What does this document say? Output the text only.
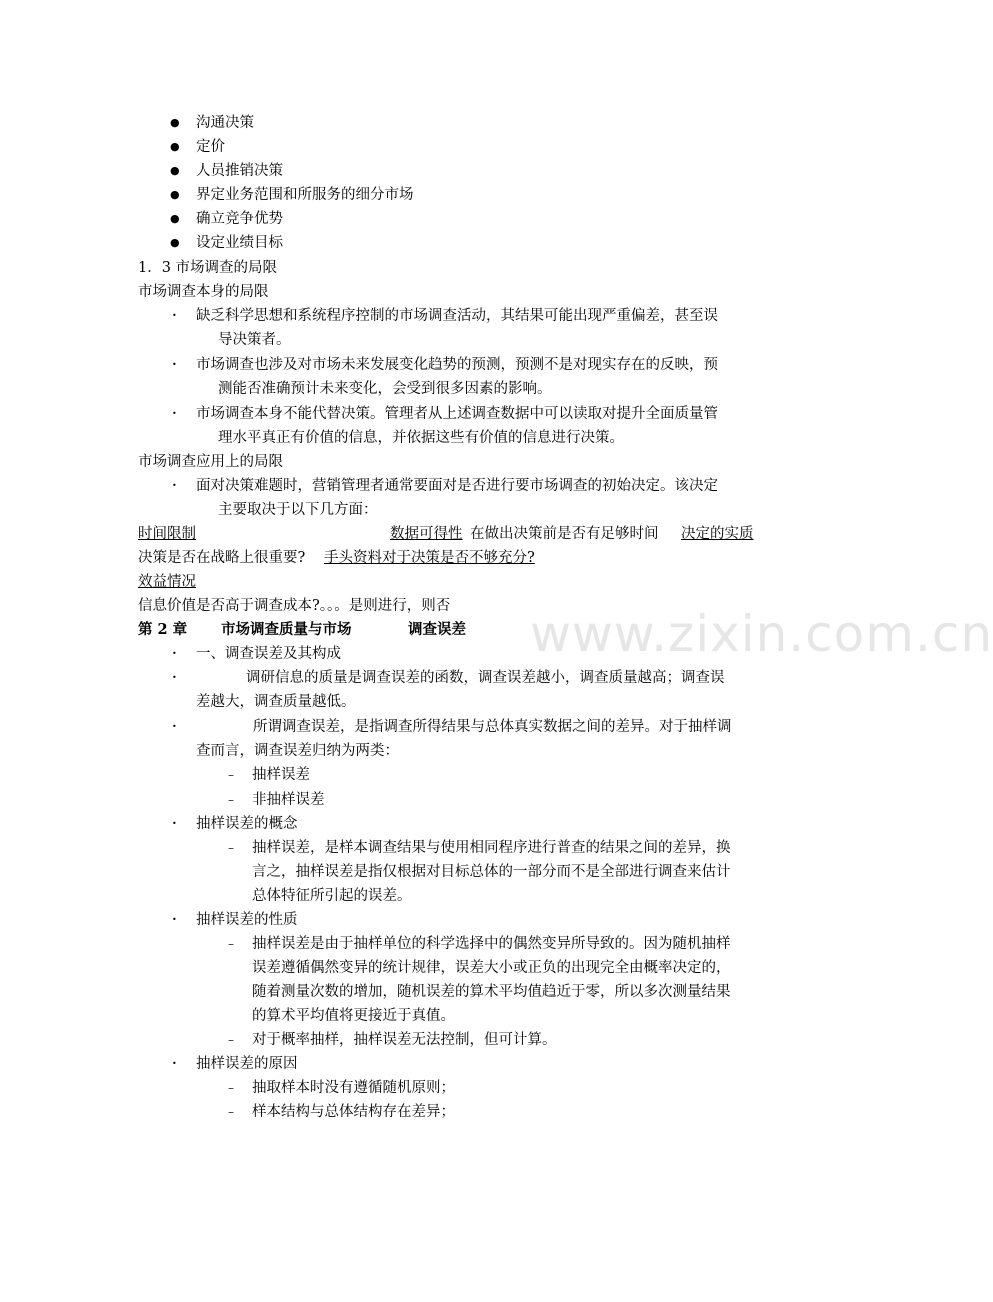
www.zixin.com.cn
● 沟通决策
● 定价
● 人员推销决策
● 界定业务范围和所服务的细分市场
● 确立竞争优势
● 设定业绩目标
1．3 市场调查的局限
市场调查本身的局限
• 缺乏科学思想和系统程序控制的市场调查活动，其结果可能出现严重偏差，甚至误
导决策者。
• 市场调查也涉及对市场未来发展变化趋势的预测，预测不是对现实存在的反映，预
测能否准确预计未来变化，会受到很多因素的影响。
• 市场调查本身不能代替决策。管理者从上述调查数据中可以读取对提升全面质量管
理水平真正有价值的信息，并依据这些有价值的信息进行决策。
市场调查应用上的局限
• 面对决策难题时，营销管理者通常要面对是否进行要市场调查的初始决定。该决定
主要取决于以下几方面：
时间限制	数据可得性 在做出决策前是否有足够时间 决定的实质
决策是否在战略上很重要? 手头资料对于决策是否不够充分?
效益情况
信息价值是否高于调查成本?。。。是则进行，则否
第 2 章 市场调查质量与市场	调查误差
• 一、调查误差及其构成
•	调研信息的质量是调查误差的函数，调查误差越小，调查质量越高；调查误
差越大，调查质量越低。
•	所谓调查误差，是指调查所得结果与总体真实数据之间的差异。对于抽样调
查而言，调查误差归纳为两类：
– 抽样误差
– 非抽样误差
• 抽样误差的概念
– 抽样误差，是样本调查结果与使用相同程序进行普查的结果之间的差异，换
言之，抽样误差是指仅根据对目标总体的一部分而不是全部进行调查来估计
总体特征所引起的误差。
• 抽样误差的性质
– 抽样误差是由于抽样单位的科学选择中的偶然变异所导致的。因为随机抽样
误差遵循偶然变异的统计规律，误差大小或正负的出现完全由概率决定的，
随着测量次数的增加，随机误差的算术平均值趋近于零，所以多次测量结果
的算术平均值将更接近于真值。
– 对于概率抽样，抽样误差无法控制，但可计算。
• 抽样误差的原因
– 抽取样本时没有遵循随机原则；
– 样本结构与总体结构存在差异；
